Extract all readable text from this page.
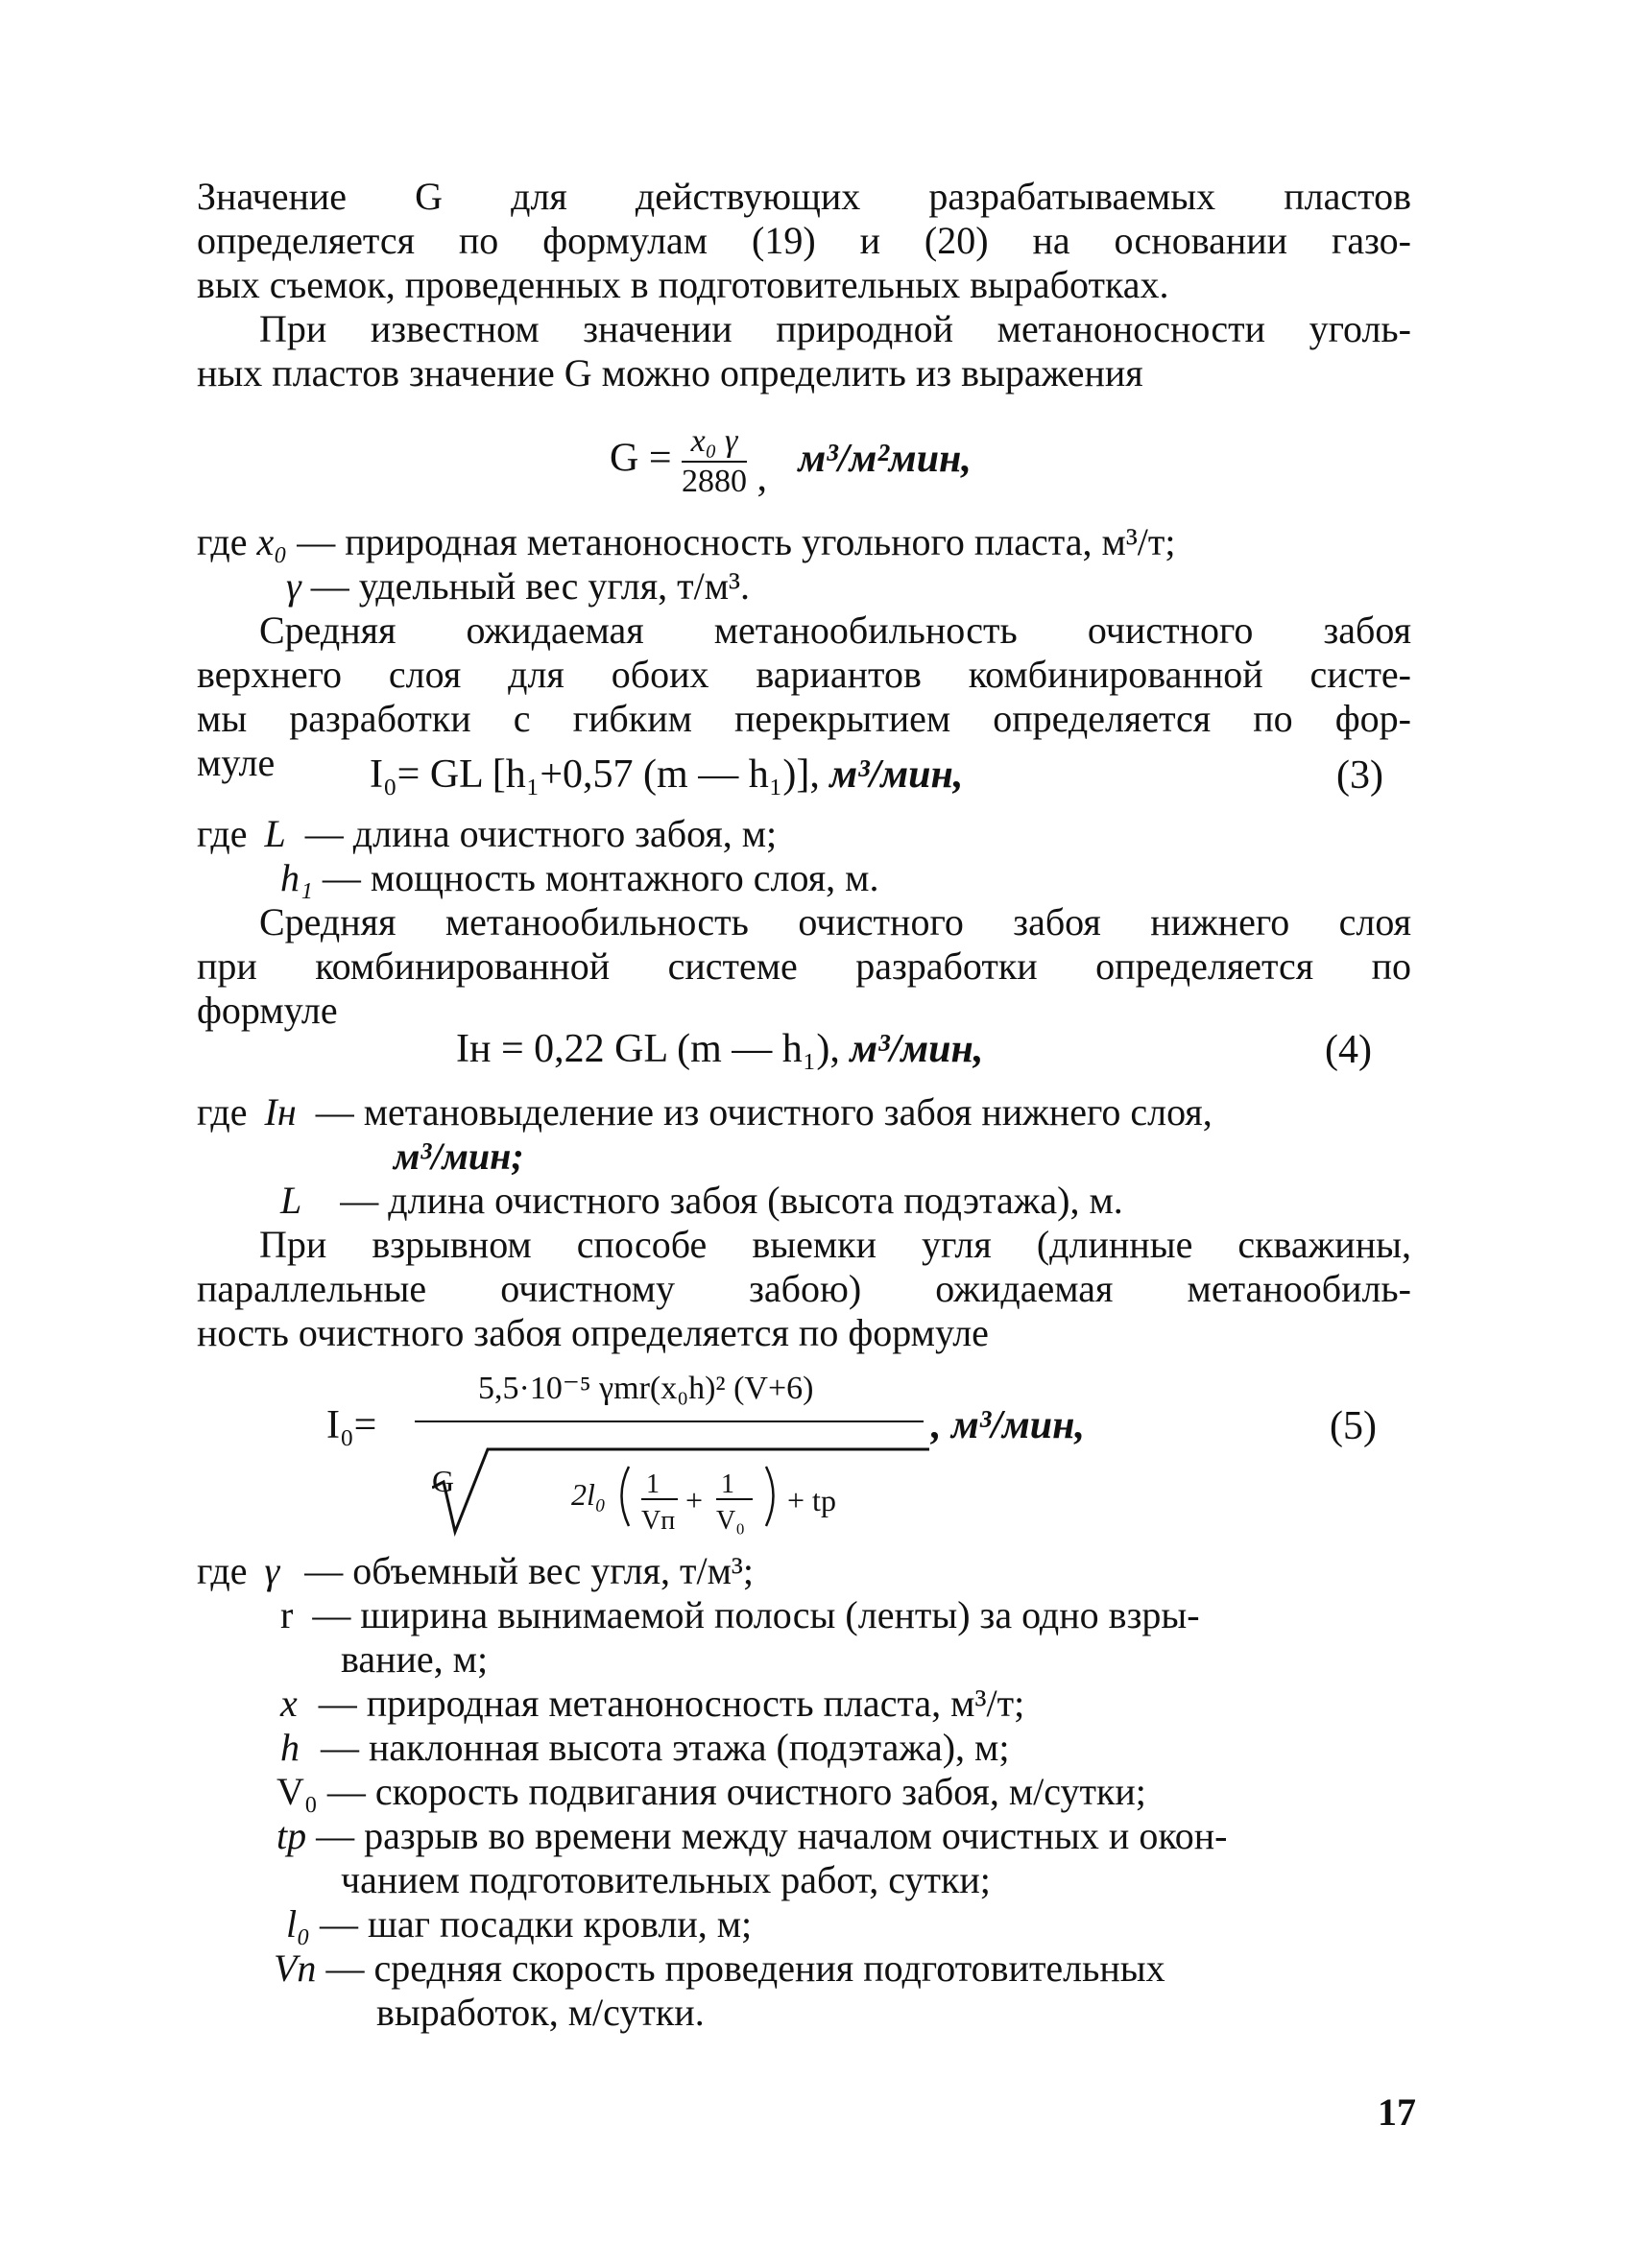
Значение G для действующих разрабатываемых пластов
определяется по формулам (19) и (20) на основании газо-
вых съемок, проведенных в подготовительных выработках.
При известном значении природной метаноносности уголь-
ных пластов значение G можно определить из выражения
$G = \frac{\text{x₀ γ}}{2880}$ , м³/м²мин,
где x₀ — природная метаноносность угольного пласта, м³/т;
γ — удельный вес угля, т/м³.
Средняя ожидаемая метанообильность очистного забоя
верхнего слоя для обоих вариантов комбинированной систе-
мы разработки с гибким перекрытием определяется по фор-
муле I₀= GL [h₁+0,57 (m — h₁)], м³/мин,	(3)
где L — длина очистного забоя, м;
h₁ — мощность монтажного слоя, м.
Средняя метанообильность очистного забоя нижнего слоя
при комбинированной системе разработки определяется по
формуле
Iн = 0,22 GL (m — h₁), м³/мин,	(4)
где Iн — метановыделение из очистного забоя нижнего слоя,
м³/мин;
L — длина очистного забоя (высота подэтажа), м.
При взрывном способе выемки угля (длинные скважины,
параллельные очистному забою) ожидаемая метанообиль-
ность очистного забоя определяется по формуле
I₀=
5,5·10⁻⁵ γmr(x₀h)² (V+6)
G	2l₀ 1
Vп
+ 1
V₀
+ tр
, м³/мин,	(5)
где γ — объемный вес угля, т/м³;
r — ширина вынимаемой полосы (ленты) за одно взры-
вание, м;
x — природная метаноносность пласта, м³/т;
h — наклонная высота этажа (подэтажа), м;
V₀ — скорость подвигания очистного забоя, м/сутки;
tр — разрыв во времени между началом очистных и окон-
чанием подготовительных работ, сутки;
l₀ — шаг посадки кровли, м;
Vп — средняя скорость проведения подготовительных
выработок, м/сутки.
17
